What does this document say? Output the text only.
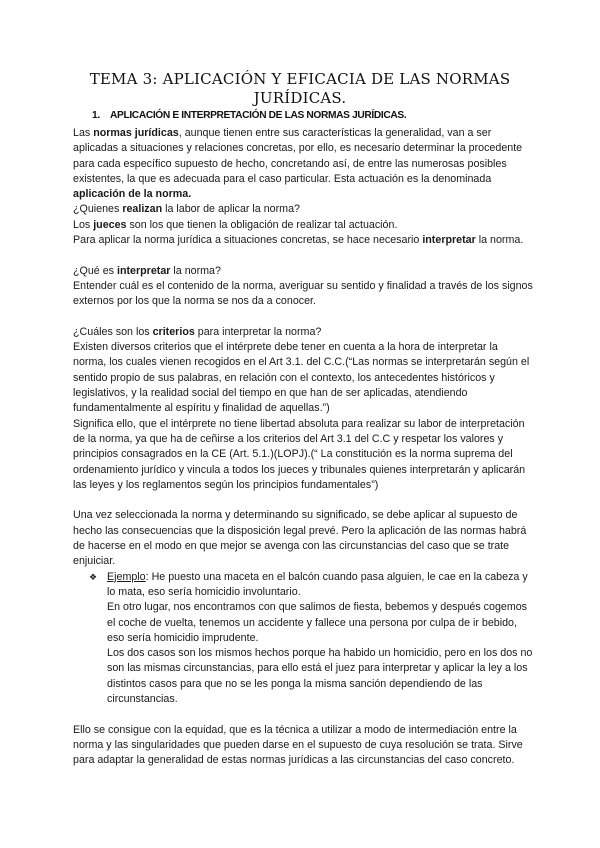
TEMA 3: APLICACIÓN Y EFICACIA DE LAS NORMAS JURÍDICAS.
1. APLICACIÓN E INTERPRETACIÓN DE LAS NORMAS JURÍDICAS.

Las normas jurídicas, aunque tienen entre sus características la generalidad, van a ser aplicadas a situaciones y relaciones concretas, por ello, es necesario determinar la procedente para cada específico supuesto de hecho, concretando así, de entre las numerosas posibles existentes, la que es adecuada para el caso particular. Esta actuación es la denominada aplicación de la norma.

¿Quienes realizan la labor de aplicar la norma?

Los jueces son los que tienen la obligación de realizar tal actuación.

Para aplicar la norma jurídica a situaciones concretas, se hace necesario interpretar la norma.

¿Qué es interpretar la norma?

Entender cuál es el contenido de la norma, averiguar su sentido y finalidad a través de los signos externos por los que la norma se nos da a conocer.

¿Cuáles son los criterios para interpretar la norma?

Existen diversos criterios que el intérprete debe tener en cuenta a la hora de interpretar la norma, los cuales vienen recogidos en el Art 3.1. del C.C.(“Las normas se interpretarán según el sentido propio de sus palabras, en relación con el contexto, los antecedentes históricos y legislativos, y la realidad social del tiempo en que han de ser aplicadas, atendiendo fundamentalmente al espíritu y finalidad de aquellas.”)

Significa ello, que el intérprete no tiene libertad absoluta para realizar su labor de interpretación de la norma, ya que ha de ceñirse a los criterios del Art 3.1 del C.C y respetar los valores y principios consagrados en la CE (Art. 5.1.)(LOPJ).(“ La constitución es la norma suprema del ordenamiento jurídico y vincula a todos los jueces y tribunales quienes interpretarán y aplicarán las leyes y los reglamentos según los principios fundamentales”)

Una vez seleccionada la norma y determinando su significado, se debe aplicar al supuesto de hecho las consecuencias que la disposición legal prevé. Pero la aplicación de las normas habrá de hacerse en el modo en que mejor se avenga con las circunstancias del caso que se trate enjuiciar.

❖ Ejemplo: He puesto una maceta en el balcón cuando pasa alguien, le cae en la cabeza y lo mata, eso sería homicidio involuntario.

En otro lugar, nos encontramos con que salimos de fiesta, bebemos y después cogemos el coche de vuelta, tenemos un accidente y fallece una persona por culpa de ir bebido, eso sería homicidio imprudente.

Los dos casos son los mismos hechos porque ha habido un homicidio, pero en los dos no son las mismas circunstancias, para ello está el juez para interpretar y aplicar la ley a los distintos casos para que no se les ponga la misma sanción dependiendo de las circunstancias.

Ello se consigue con la equidad, que es la técnica a utilizar a modo de intermediación entre la norma y las singularidades que pueden darse en el supuesto de cuya resolución se trata. Sirve para adaptar la generalidad de estas normas jurídicas a las circunstancias del caso concreto.
